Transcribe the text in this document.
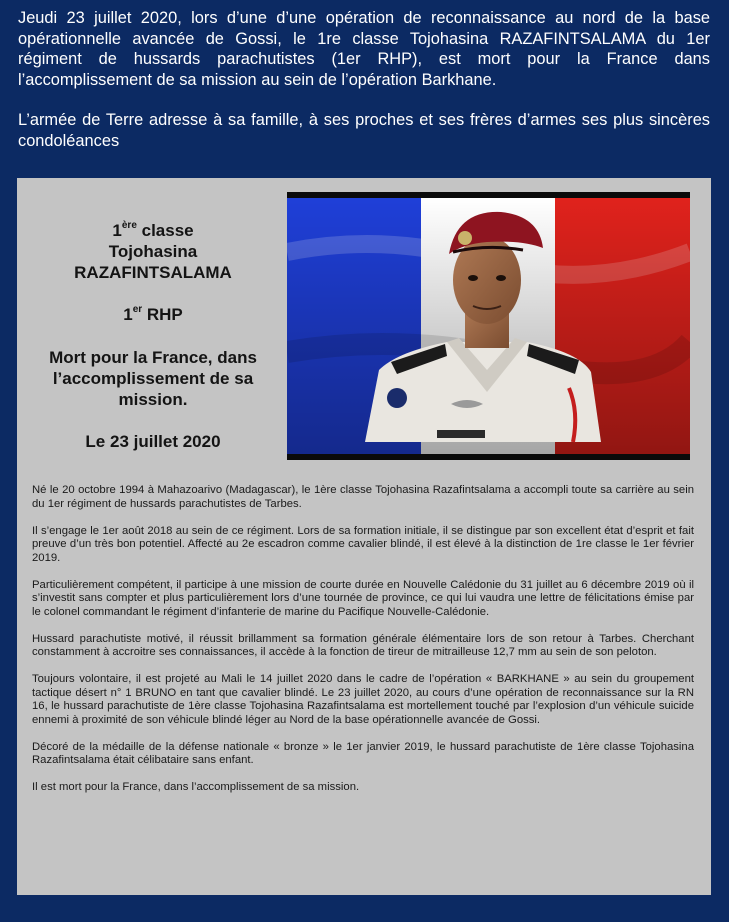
Jeudi 23 juillet 2020, lors d’une d’une opération de reconnaissance au nord de la base opérationnelle avancée de Gossi, le 1re classe Tojohasina RAZAFINTSALAMA du 1er régiment de hussards parachutistes (1er RHP), est mort pour la France dans l’accomplissement de sa mission au sein de l’opération Barkhane.

L’armée de Terre adresse à sa famille, à ses proches et ses frères d’armes ses plus sincères condoléances

1ère classe
Tojohasina
RAZAFINTSALAMA
1er RHP
Mort pour la France, dans l’accomplissement de sa mission.
Le 23 juillet 2020

Né le 20 octobre 1994 à Mahazoarivo (Madagascar), le 1ère classe Tojohasina Razafintsalama a accompli toute sa carrière au sein du 1er régiment de hussards parachutistes de Tarbes.

Il s’engage le 1er août 2018 au sein de ce régiment. Lors de sa formation initiale, il se distingue par son excellent état d’esprit et fait preuve d’un très bon potentiel. Affecté au 2e escadron comme cavalier blindé, il est élevé à la distinction de 1re classe le 1er février 2019.

Particulièrement compétent, il participe à une mission de courte durée en Nouvelle Calédonie du 31 juillet au 6 décembre 2019 où il s’investit sans compter et plus particulièrement lors d’une tournée de province, ce qui lui vaudra une lettre de félicitations émise par le colonel commandant le régiment d’infanterie de marine du Pacifique Nouvelle-Calédonie.

Hussard parachutiste motivé, il réussit brillamment sa formation générale élémentaire lors de son retour à Tarbes. Cherchant constamment à accroitre ses connaissances, il accède à la fonction de tireur de mitrailleuse 12,7 mm au sein de son peloton.

Toujours volontaire, il est projeté au Mali le 14 juillet 2020 dans le cadre de l’opération « BARKHANE » au sein du groupement tactique désert n° 1 BRUNO en tant que cavalier blindé. Le 23 juillet 2020, au cours d’une opération de reconnaissance sur la RN 16, le hussard parachutiste de 1ère classe Tojohasina Razafintsalama est mortellement touché par l’explosion d’un véhicule suicide ennemi à proximité de son véhicule blindé léger au Nord de la base opérationnelle avancée de Gossi.

Décoré de la médaille de la défense nationale « bronze » le 1er janvier 2019, le hussard parachutiste de 1ère classe Tojohasina Razafintsalama était célibataire sans enfant.

Il est mort pour la France, dans l’accomplissement de sa mission.
